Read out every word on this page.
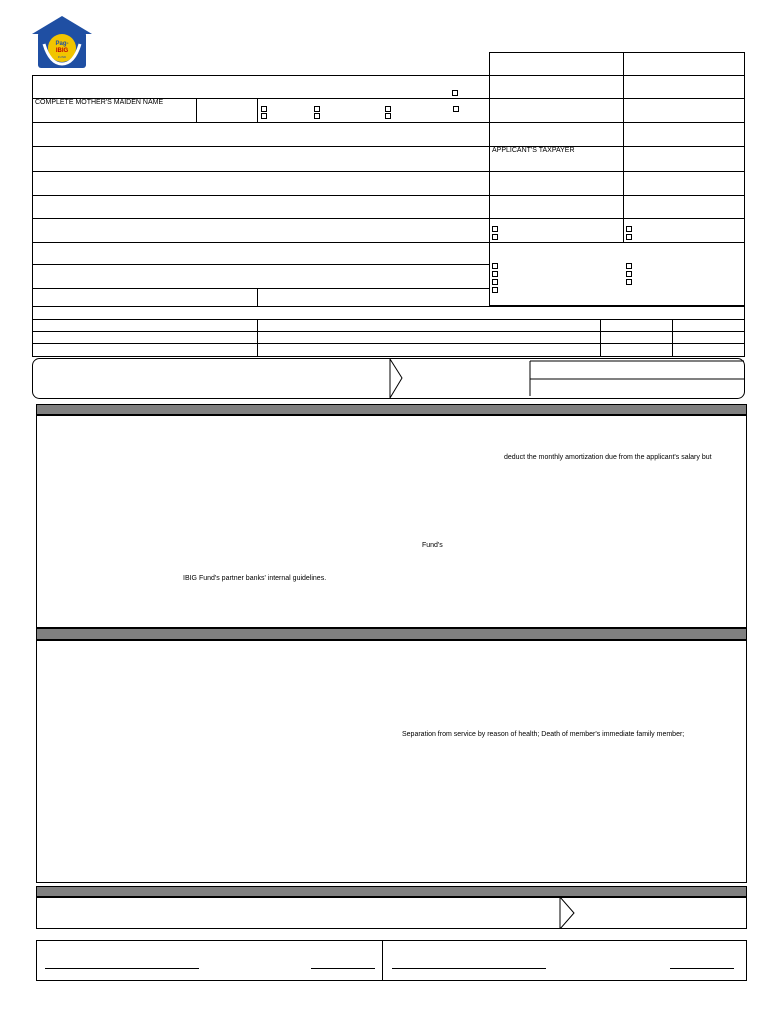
Pag-
IBIG
FUND
COMPLETE MOTHER'S MAIDEN NAME
APPLICANT'S TAXPAYER
deduct the monthly amortization due from the applicant's salary but
Fund's
IBIG Fund's partner banks' internal guidelines.
Separation from service by reason of health; Death of member's immediate family member;
